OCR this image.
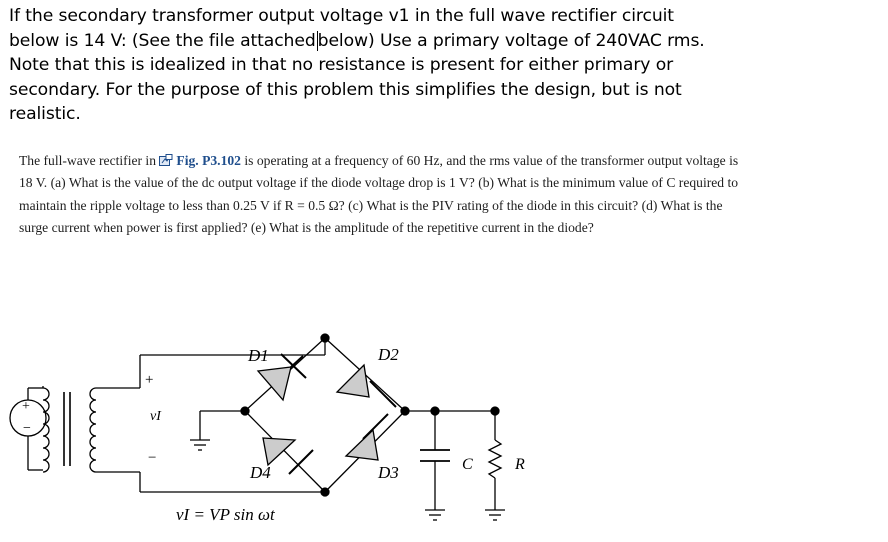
If the secondary transformer output voltage v1 in the full wave rectifier circuit
below is 14 V: (See the file attached below) Use a primary voltage of 240VAC rms.
Note that this is idealized in that no resistance is present for either primary or
secondary. For the purpose of this problem this simplifies the design, but is not
realistic.
The full-wave rectifier in Fig. P3.102 is operating at a frequency of 60 Hz, and the rms value of the transformer output voltage is
18 V. (a) What is the value of the dc output voltage if the diode voltage drop is 1 V? (b) What is the minimum value of C required to
maintain the ripple voltage to less than 0.25 V if R = 0.5 Ω? (c) What is the PIV rating of the diode in this circuit? (d) What is the
surge current when power is first applied? (e) What is the amplitude of the repetitive current in the diode?
+
−
+
−
vI
D1	D2
D3
D4	C	R
vI = VP sin ωt
